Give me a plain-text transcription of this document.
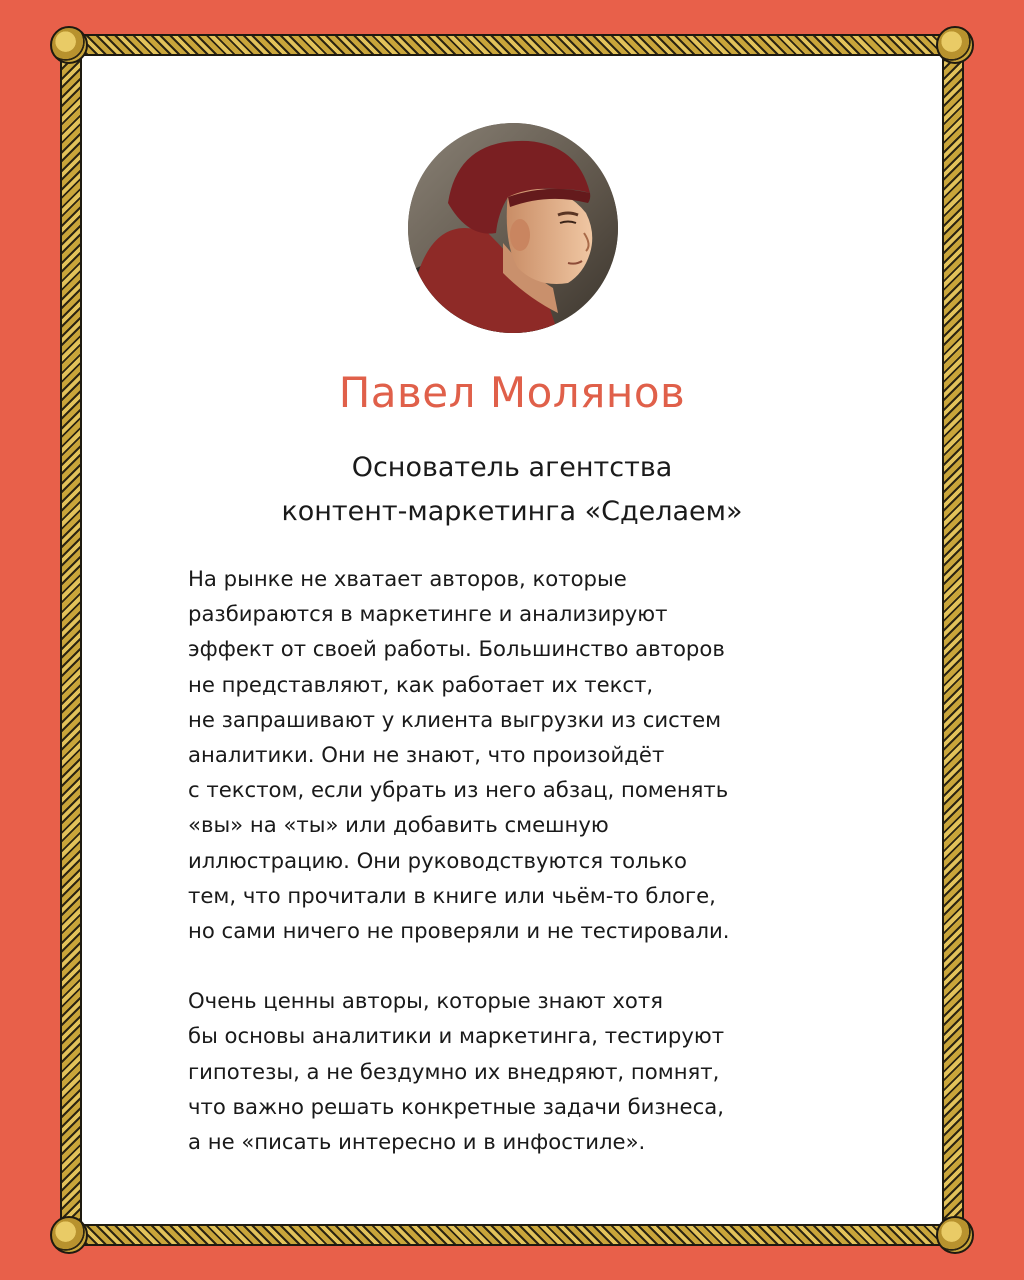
Павел Молянов
Основатель агентства
контент-маркетинга «Сделаем»

На рынке не хватает авторов, которые
разбираются в маркетинге и анализируют
эффект от своей работы. Большинство авторов
не представляют, как работает их текст,
не запрашивают у клиента выгрузки из систем
аналитики. Они не знают, что произойдёт
с текстом, если убрать из него абзац, поменять
«вы» на «ты» или добавить смешную
иллюстрацию. Они руководствуются только
тем, что прочитали в книге или чьём-то блоге,
но сами ничего не проверяли и не тестировали.

Очень ценны авторы, которые знают хотя
бы основы аналитики и маркетинга, тестируют
гипотезы, а не бездумно их внедряют, помнят,
что важно решать конкретные задачи бизнеса,
а не «писать интересно и в инфостиле».
